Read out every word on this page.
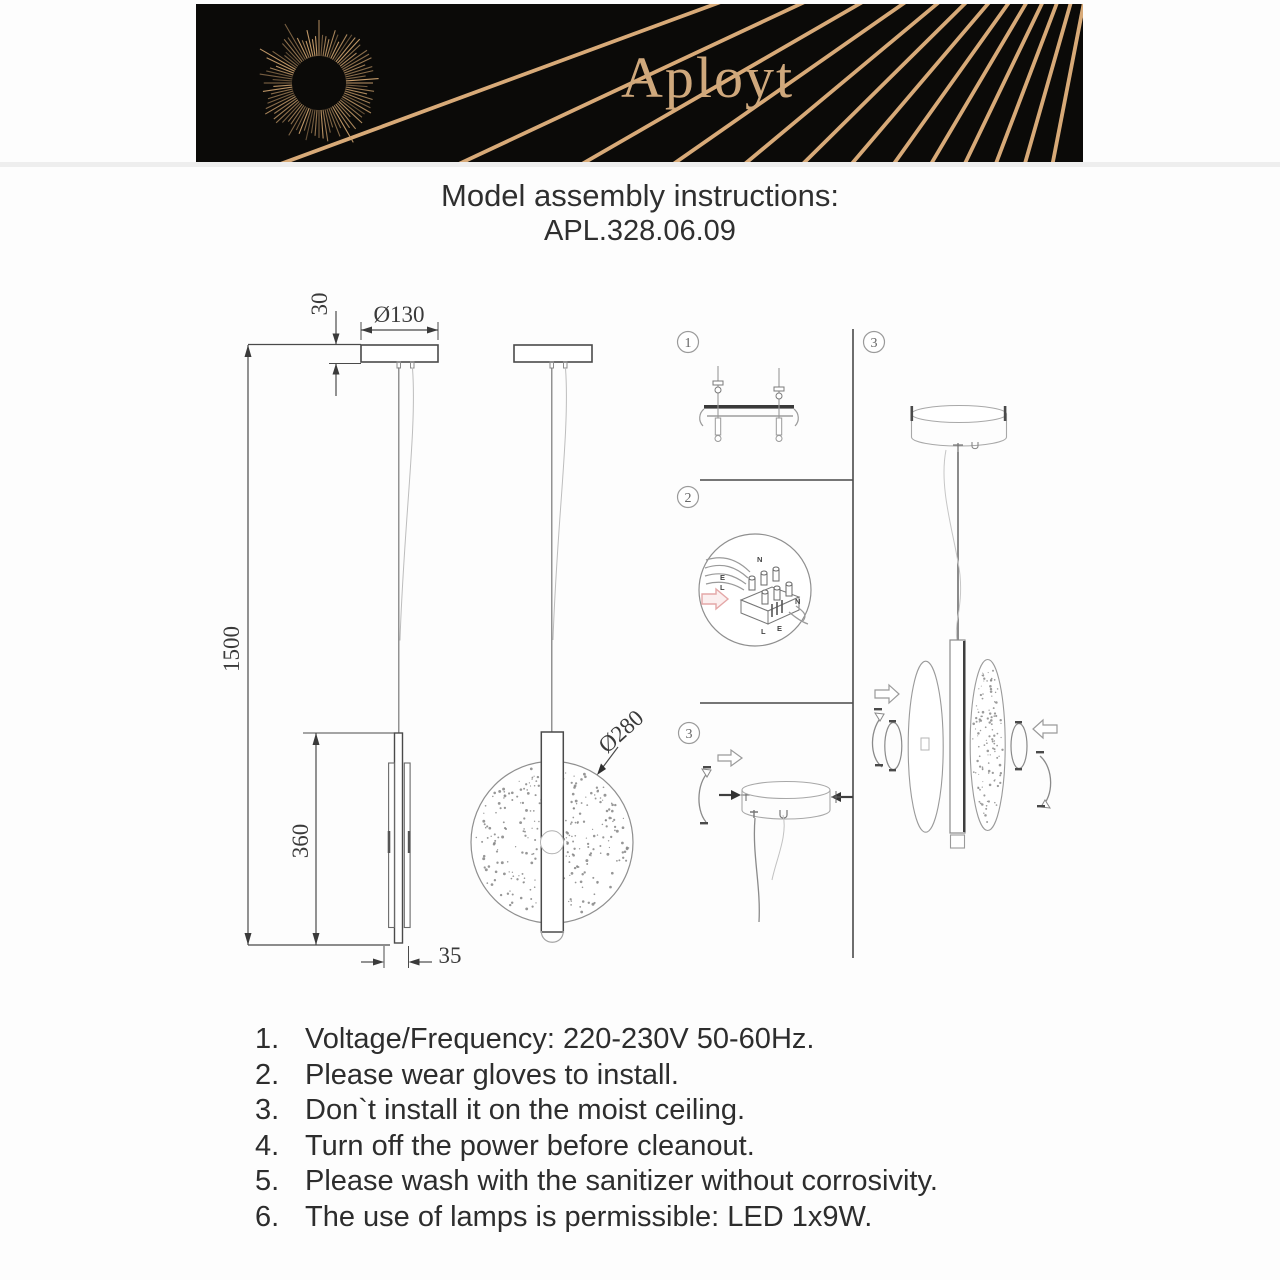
Aployt
Model assembly instructions:
APL.328.06.09
1500
30 Ø130
360
35
Ø280
1
2
3
3
N
E
L
N
L E
1. Voltage/Frequency: 220-230V 50-60Hz.
2. Please wear gloves to install.
3. Don`t install it on the moist ceiling.
4. Turn off the power before cleanout.
5. Please wash with the sanitizer without corrosivity.
6. The use of lamps is permissible: LED 1x9W.
